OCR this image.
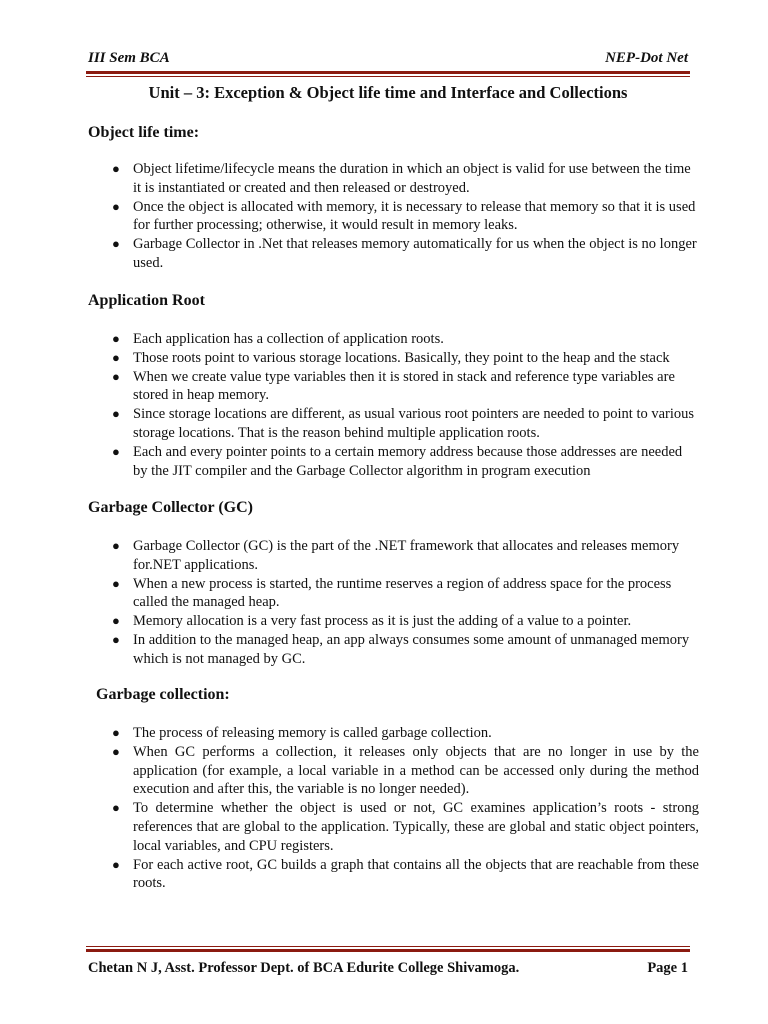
III Sem BCA	NEP-Dot Net
Unit – 3: Exception & Object life time and Interface and Collections
Object life time:
● Object lifetime/lifecycle means the duration in which an object is valid for use between the time it is instantiated or created and then released or destroyed.
● Once the object is allocated with memory, it is necessary to release that memory so that it is used for further processing; otherwise, it would result in memory leaks.
● Garbage Collector in .Net that releases memory automatically for us when the object is no longer used.
Application Root
● Each application has a collection of application roots.
● Those roots point to various storage locations. Basically, they point to the heap and the stack
● When we create value type variables then it is stored in stack and reference type variables are stored in heap memory.
● Since storage locations are different, as usual various root pointers are needed to point to various storage locations. That is the reason behind multiple application roots.
● Each and every pointer points to a certain memory address because those addresses are needed by the JIT compiler and the Garbage Collector algorithm in program execution
Garbage Collector (GC)
● Garbage Collector (GC) is the part of the .NET framework that allocates and releases memory for.NET applications.
● When a new process is started, the runtime reserves a region of address space for the process called the managed heap.
● Memory allocation is a very fast process as it is just the adding of a value to a pointer.
● In addition to the managed heap, an app always consumes some amount of unmanaged memory which is not managed by GC.
Garbage collection:
● The process of releasing memory is called garbage collection.
● When GC performs a collection, it releases only objects that are no longer in use by the application (for example, a local variable in a method can be accessed only during the method execution and after this, the variable is no longer needed).
● To determine whether the object is used or not, GC examines application’s roots - strong references that are global to the application. Typically, these are global and static object pointers, local variables, and CPU registers.
● For each active root, GC builds a graph that contains all the objects that are reachable from these roots.
Chetan N J, Asst. Professor Dept. of BCA Edurite College Shivamoga.	Page 1
